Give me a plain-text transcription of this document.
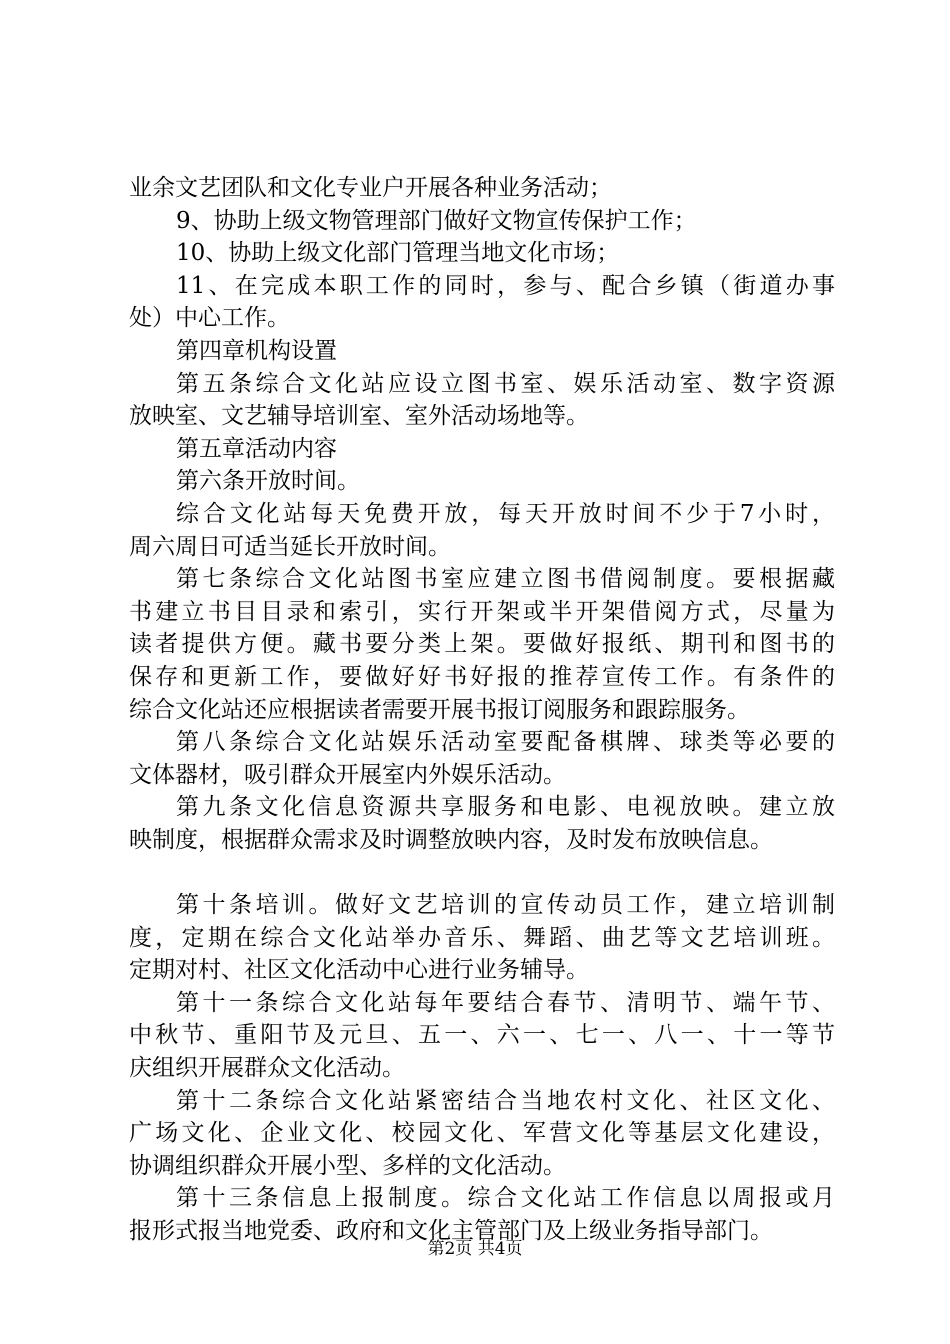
业余文艺团队和文化专业户开展各种业务活动；
9、协助上级文物管理部门做好文物宣传保护工作；
10、协助上级文化部门管理当地文化市场；
11、在完成本职工作的同时，参与、配合乡镇（街道办事
处）中心工作。
第四章机构设置
第五条综合文化站应设立图书室、娱乐活动室、数字资源
放映室、文艺辅导培训室、室外活动场地等。
第五章活动内容
第六条开放时间。
综合文化站每天免费开放，每天开放时间不少于7小时，
周六周日可适当延长开放时间。
第七条综合文化站图书室应建立图书借阅制度。要根据藏
书建立书目目录和索引，实行开架或半开架借阅方式，尽量为
读者提供方便。藏书要分类上架。要做好报纸、期刊和图书的
保存和更新工作，要做好好书好报的推荐宣传工作。有条件的
综合文化站还应根据读者需要开展书报订阅服务和跟踪服务。
第八条综合文化站娱乐活动室要配备棋牌、球类等必要的
文体器材，吸引群众开展室内外娱乐活动。
第九条文化信息资源共享服务和电影、电视放映。建立放
映制度，根据群众需求及时调整放映内容，及时发布放映信息。
第十条培训。做好文艺培训的宣传动员工作，建立培训制
度，定期在综合文化站举办音乐、舞蹈、曲艺等文艺培训班。
定期对村、社区文化活动中心进行业务辅导。
第十一条综合文化站每年要结合春节、清明节、端午节、
中秋节、重阳节及元旦、五一、六一、七一、八一、十一等节
庆组织开展群众文化活动。
第十二条综合文化站紧密结合当地农村文化、社区文化、
广场文化、企业文化、校园文化、军营文化等基层文化建设，
协调组织群众开展小型、多样的文化活动。
第十三条信息上报制度。综合文化站工作信息以周报或月
报形式报当地党委、政府和文化主管部门及上级业务指导部门。
第2页 共4页
